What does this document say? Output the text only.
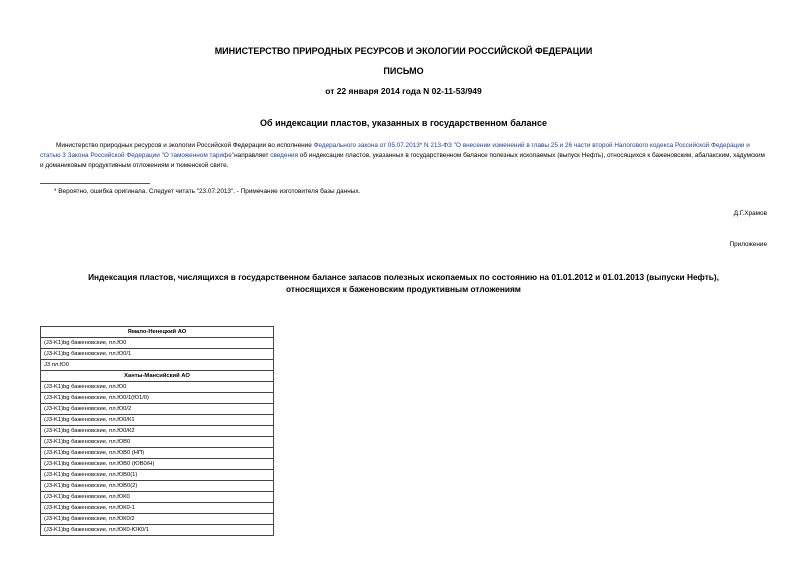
МИНИСТЕРСТВО ПРИРОДНЫХ РЕСУРСОВ И ЭКОЛОГИИ РОССИЙСКОЙ ФЕДЕРАЦИИ
ПИСЬМО
от 22 января 2014 года N 02-11-53/949
Об индексации пластов, указанных в государственном балансе
Министерство природных ресурсов и экологии Российской Федерации во исполнение Федерального закона от 05.07.2013* N 213-ФЗ "О внесении изменений в главы 25 и 26 части второй Налогового кодекса Российской Федерации и статью 3 Закона Российской Федерации "О таможенном тарифе"направляет сведения об индексации пластов, указанных в государственном балансе полезных ископаемых (выпуск Нефть), относящихся к баженовским, абалакским, хадумским и доманиковым продуктивным отложениям и тюменской свите.
* Вероятно, ошибка оригинала. Следует читать "23.07.2013". - Примечание изготовителя базы данных.
Д.Г.Храмов
Приложение
Индексация пластов, числящихся в государственном балансе запасов полезных ископаемых по состоянию на 01.01.2012 и 01.01.2013 (выпуски Нефть),
относящихся к баженовским продуктивным отложениям
Ямало-Ненецкий АО
(J3-K1)bg баженовские, пл.Ю0
(J3-K1)bg баженовские, пл.Ю0/1
J3 пл.Ю0
Ханты-Мансийский АО
(J3-K1)bg баженовские, пл.Ю0
(J3-K1)bg баженовские, пл.Ю0/1(Ю1/0)
(J3-K1)bg баженовские, пл.Ю0/2
(J3-K1)bg баженовские, пл.Ю0/К1
(J3-K1)bg баженовские, пл.Ю0/К2
(J3-K1)bg баженовские, пл.ЮВ0
(J3-K1)bg баженовские, пл.ЮВ0 (НП)
(J3-K1)bg баженовские, пл.ЮВ0 (ЮВ0/Н)
(J3-K1)bg баженовские, пл.ЮВ0(1)
(J3-K1)bg баженовские, пл.ЮВ0(2)
(J3-K1)bg баженовские, пл.ЮК0
(J3-K1)bg баженовские, пл.ЮК0-1
(J3-K1)bg баженовские, пл.ЮК0/2
(J3-K1)bg баженовские, пл.ЮК0-ЮК0/1
